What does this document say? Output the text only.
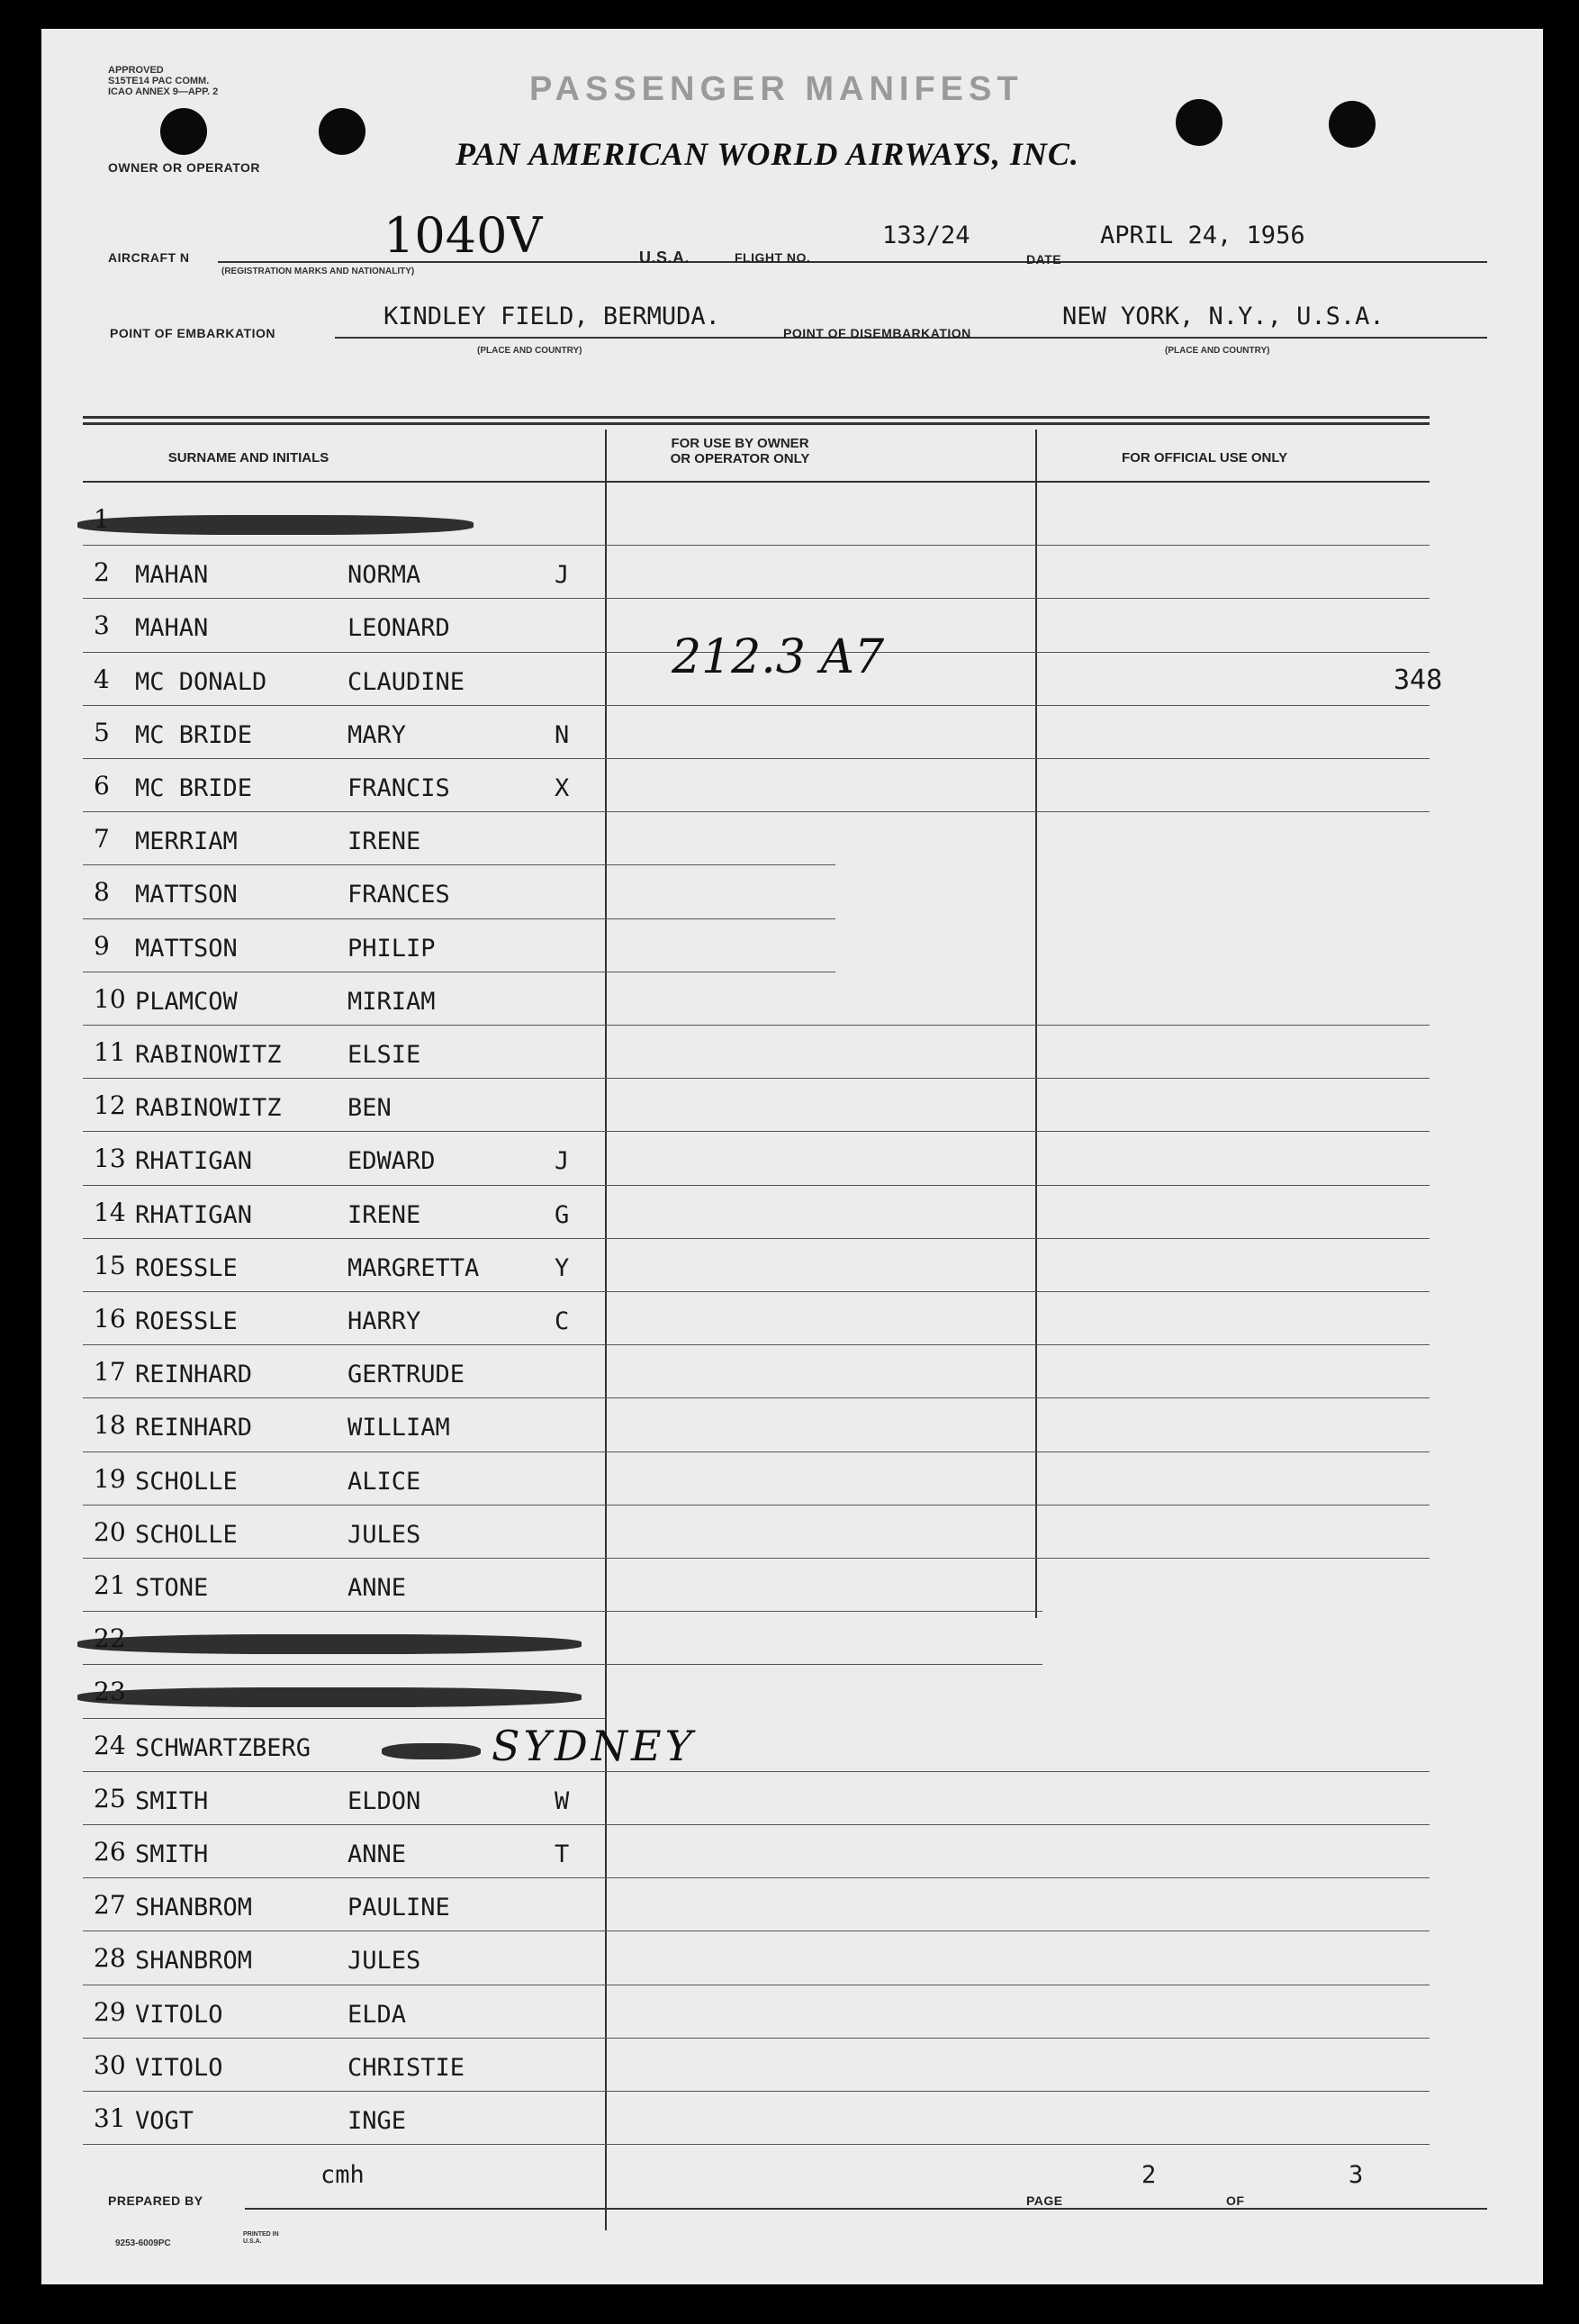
APPROVED
S15TE14 PAC COMM.
ICAO ANNEX 9—APP. 2	PASSENGER MANIFEST
OWNER OR OPERATOR	PAN AMERICAN WORLD AIRWAYS, INC.
AIRCRAFT N	1040V
(REGISTRATION MARKS AND NATIONALITY)
U.S.A.	FLIGHT NO.
133/24
DATE
APRIL 24, 1956
POINT OF EMBARKATION
KINDLEY FIELD, BERMUDA.
(PLACE AND COUNTRY)
POINT OF DISEMBARKATION
NEW YORK, N.Y., U.S.A.
(PLACE AND COUNTRY)
SURNAME AND INITIALS
FOR USE BY OWNER
OR OPERATOR ONLY	FOR OFFICIAL USE ONLY
2 MAHAN	NORMA	J
3 MAHAN	LEONARD
4 MC DONALD	CLAUDINE
5 MC BRIDE	MARY	N
6 MC BRIDE	FRANCIS	X
7 MERRIAM	IRENE
8 MATTSON	FRANCES
9 MATTSON	PHILIP
10 PLAMCOW	MIRIAM
11 RABINOWITZ	ELSIE
12 RABINOWITZ	BEN
13 RHATIGAN	EDWARD	J
14 RHATIGAN	IRENE	G
15 ROESSLE	MARGRETTA	Y
16 ROESSLE	HARRY	C
17 REINHARD	GERTRUDE
18 REINHARD	WILLIAM
19 SCHOLLE	ALICE
20 SCHOLLE	JULES
21 STONE	ANNE
24 SCHWARTZBERG	SYDNEY
25 SMITH	ELDON	W
26 SMITH	ANNE	T
27 SHANBROM	PAULINE
28 SHANBROM	JULES
29 VITOLO	ELDA
30 VITOLO	CHRISTIE
31 VOGT	INGE
212.3 A7	348
PREPARED BY
cmh
PAGE
2
OF
3
9253-6009PC
PRINTED IN U.S.A.
